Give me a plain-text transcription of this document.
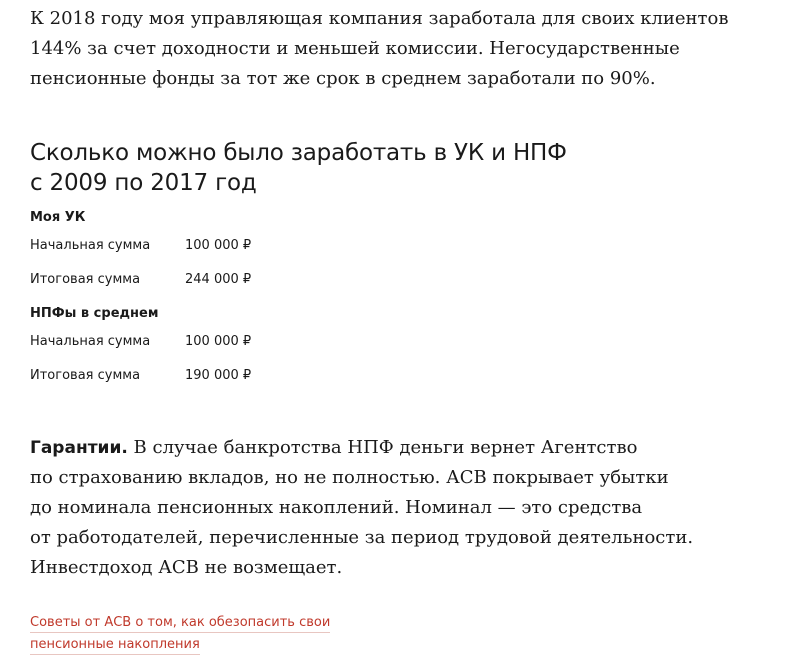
К 2018 году моя управляющая компания заработала для своих клиентов
144% за счет доходности и меньшей комиссии. Негосударственные
пенсионные фонды за тот же срок в среднем заработали по 90%.

Сколько можно было заработать в УК и НПФ
с 2009 по 2017 год
Моя УК
Начальная сумма	100 000 ₽
Итоговая сумма	244 000 ₽
НПФы в среднем
Начальная сумма	100 000 ₽
Итоговая сумма	190 000 ₽

Гарантии. В случае банкротства НПФ деньги вернет Агентство
по страхованию вкладов, но не полностью. АСВ покрывает убытки
до номинала пенсионных накоплений. Номинал — это средства
от работодателей, перечисленные за период трудовой деятельности.
Инвестдоход АСВ не возмещает.

Советы от АСВ о том, как обезопасить свои
пенсионные накопления
